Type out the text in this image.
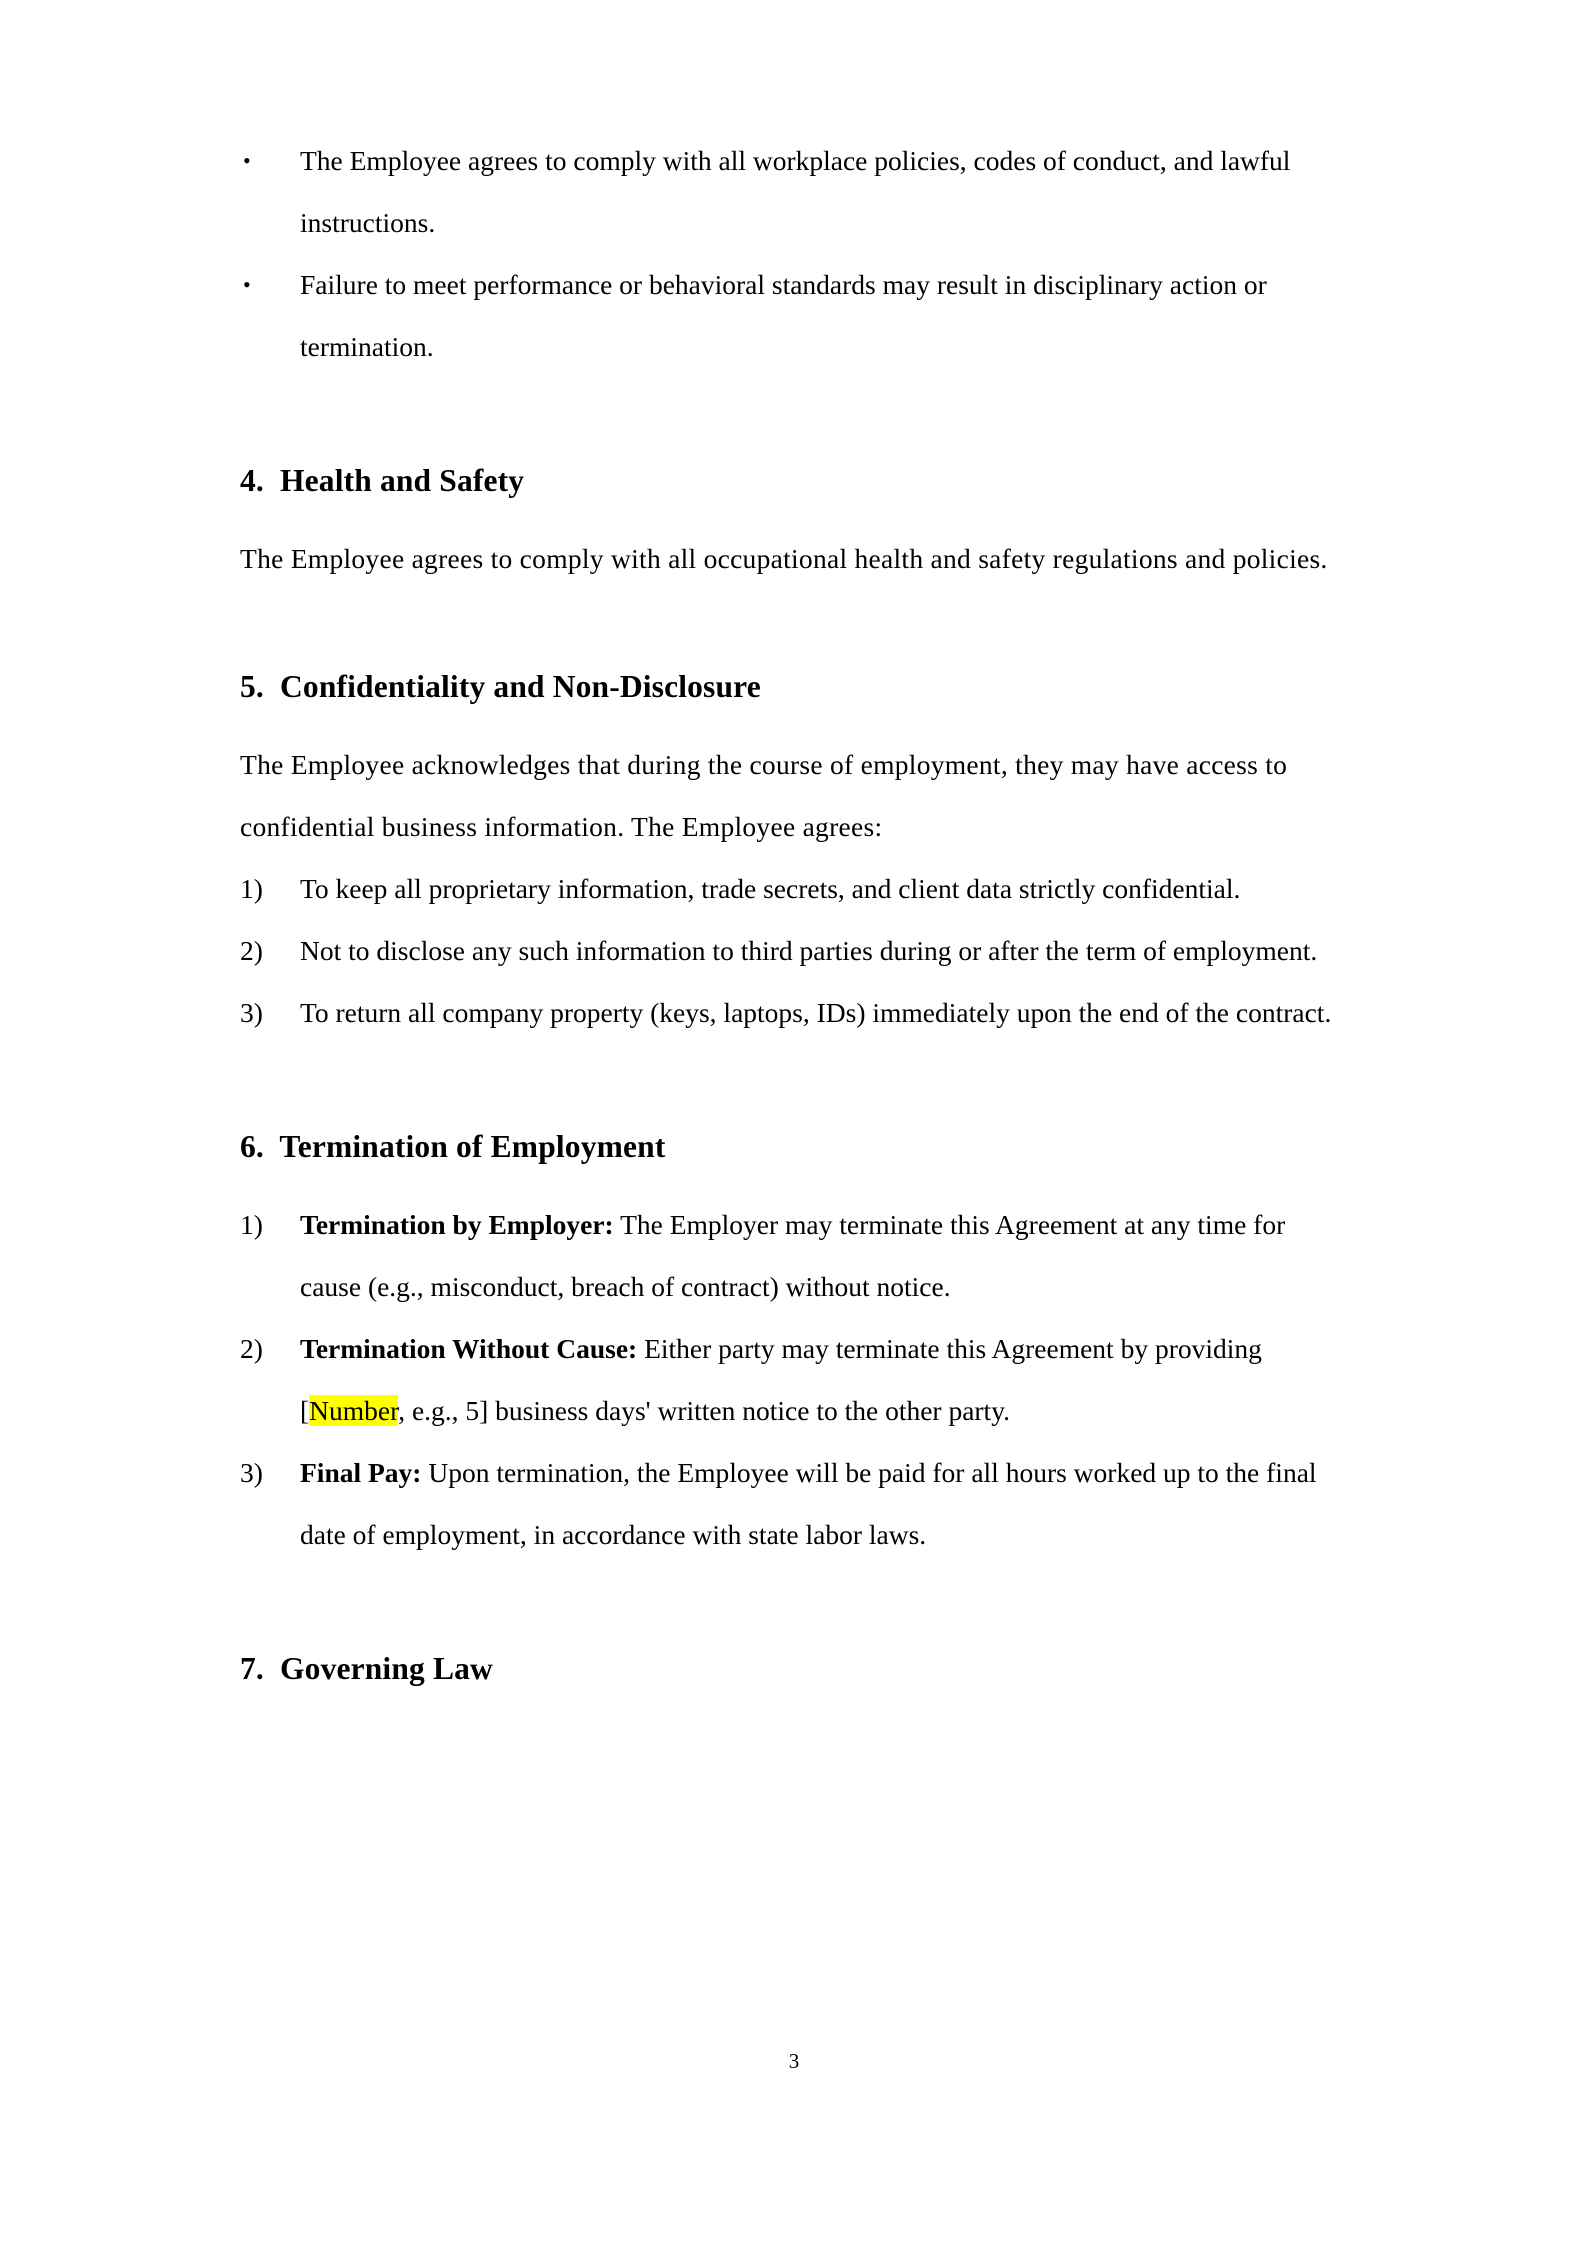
•	The Employee agrees to comply with all workplace policies, codes of conduct, and lawful instructions.
•	Failure to meet performance or behavioral standards may result in disciplinary action or termination.
4.  Health and Safety

The Employee agrees to comply with all occupational health and safety regulations and policies.

5.  Confidentiality and Non-Disclosure

The Employee acknowledges that during the course of employment, they may have access to confidential business information. The Employee agrees:

1)	To keep all proprietary information, trade secrets, and client data strictly confidential.
2)	Not to disclose any such information to third parties during or after the term of employment.
3)	To return all company property (keys, laptops, IDs) immediately upon the end of the contract.
6.  Termination of Employment
1)	Termination by Employer: The Employer may terminate this Agreement at any time for cause (e.g., misconduct, breach of contract) without notice.
2)	Termination Without Cause: Either party may terminate this Agreement by providing [Number, e.g., 5] business days' written notice to the other party.
3)	Final Pay: Upon termination, the Employee will be paid for all hours worked up to the final date of employment, in accordance with state labor laws.
7.  Governing Law
3
